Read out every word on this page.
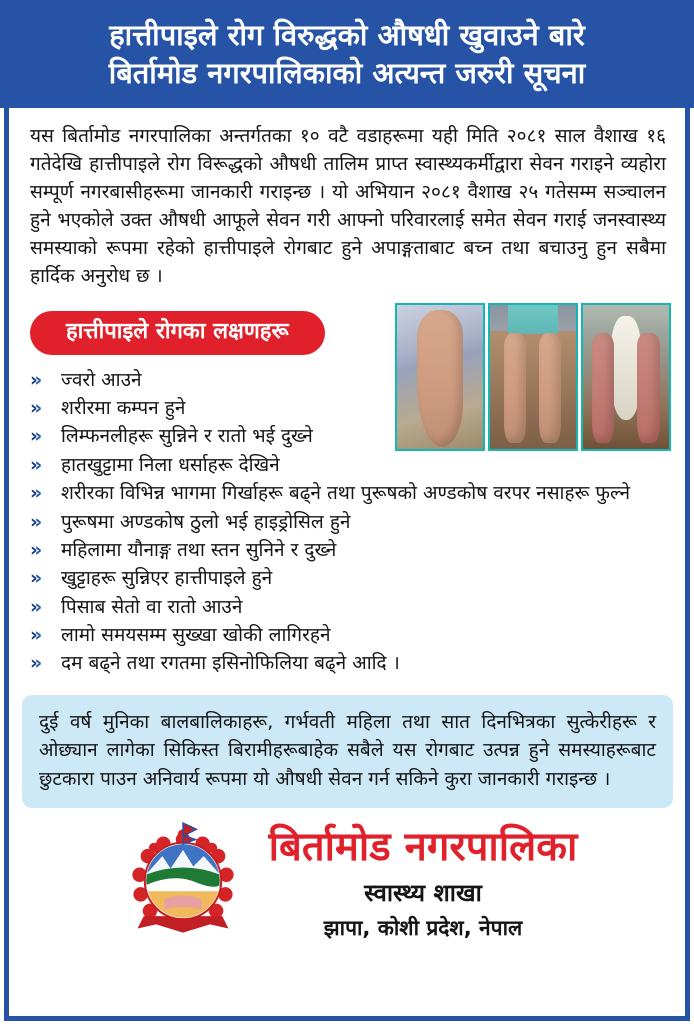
हात्तीपाइले रोग विरुद्धको औषधी खुवाउने बारे
बिर्तामोड नगरपालिकाको अत्यन्त जरुरी सूचना

यस बिर्तामोड नगरपालिका अन्तर्गतका १० वटै वडाहरूमा यही मिति २०८१ साल वैशाख १६ गतेदेखि हात्तीपाइले रोग विरूद्धको औषधी तालिम प्राप्त स्वास्थ्यकर्मीद्वारा सेवन गराइने व्यहोरा सम्पूर्ण नगरबासीहरूमा जानकारी गराइन्छ । यो अभियान २०८१ वैशाख २५ गतेसम्म सञ्चालन हुने भएकोले उक्त औषधी आफूले सेवन गरी आफ्नो परिवारलाई समेत सेवन गराई जनस्वास्थ्य समस्याको रूपमा रहेको हात्तीपाइले रोगबाट हुने अपाङ्गताबाट बच्न तथा बचाउनु हुन सबैमा हार्दिक अनुरोध छ ।

हात्तीपाइले रोगका लक्षणहरू
» ज्वरो आउने
» शरीरमा कम्पन हुने
» लिम्फनलीहरू सुन्निने र रातो भई दुख्ने
» हातखुट्टामा निला धर्साहरू देखिने
» शरीरका विभिन्न भागमा गिर्खाहरू बढ्ने तथा पुरूषको अण्डकोष वरपर नसाहरू फुल्ने
» पुरूषमा अण्डकोष ठुलो भई हाइड्रोसिल हुने
» महिलामा यौनाङ्ग तथा स्तन सुनिने र दुख्ने
» खुट्टाहरू सुन्निएर हात्तीपाइले हुने
» पिसाब सेतो वा रातो आउने
» लामो समयसम्म सुख्खा खोकी लागिरहने
» दम बढ्ने तथा रगतमा इसिनोफिलिया बढ्ने आदि ।
दुई वर्ष मुनिका बालबालिकाहरू, गर्भवती महिला तथा सात दिनभित्रका सुत्केरीहरू र ओछ्यान लागेका सिकिस्त बिरामीहरूबाहेक सबैले यस रोगबाट उत्पन्न हुने समस्याहरूबाट छुटकारा पाउन अनिवार्य रूपमा यो औषधी सेवन गर्न सकिने कुरा जानकारी गराइन्छ ।
बिर्तामोड नगरपालिका
स्वास्थ्य शाखा
झापा, कोशी प्रदेश, नेपाल
